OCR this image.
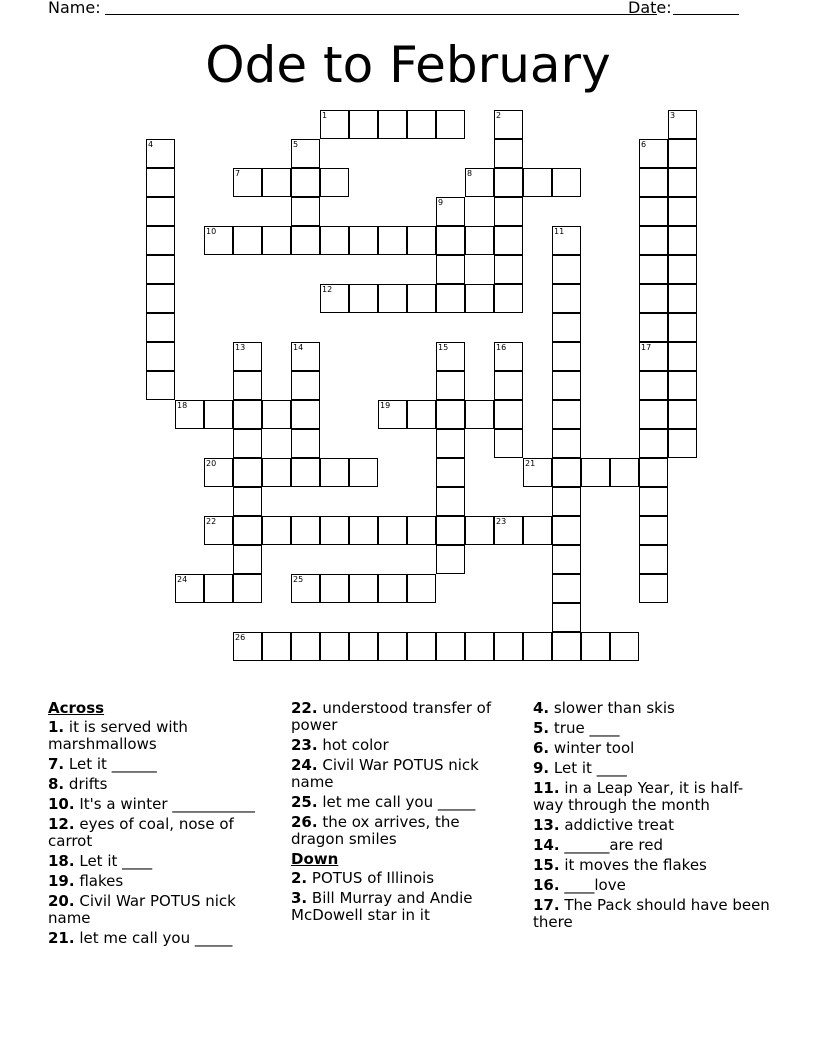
Name:	Date:
Ode to February
1	2	3
4	5	6
7	8
9
10	11
12
13	14	15	16	17
18	19
20	21
22	23
24	25
26
Across
1. it is served with marshmallows
7. Let it ______
8. drifts
10. It's a winter ___________
12. eyes of coal, nose of carrot
18. Let it ____
19. flakes
20. Civil War POTUS nick name
21. let me call you _____
22. understood transfer of power
23. hot color
24. Civil War POTUS nick name
25. let me call you _____
26. the ox arrives, the dragon smiles
Down
2. POTUS of Illinois
3. Bill Murray and Andie McDowell star in it
4. slower than skis
5. true ____
6. winter tool
9. Let it ____
11. in a Leap Year, it is half-way through the month
13. addictive treat
14. ______are red
15. it moves the flakes
16. ____love
17. The Pack should have been there
